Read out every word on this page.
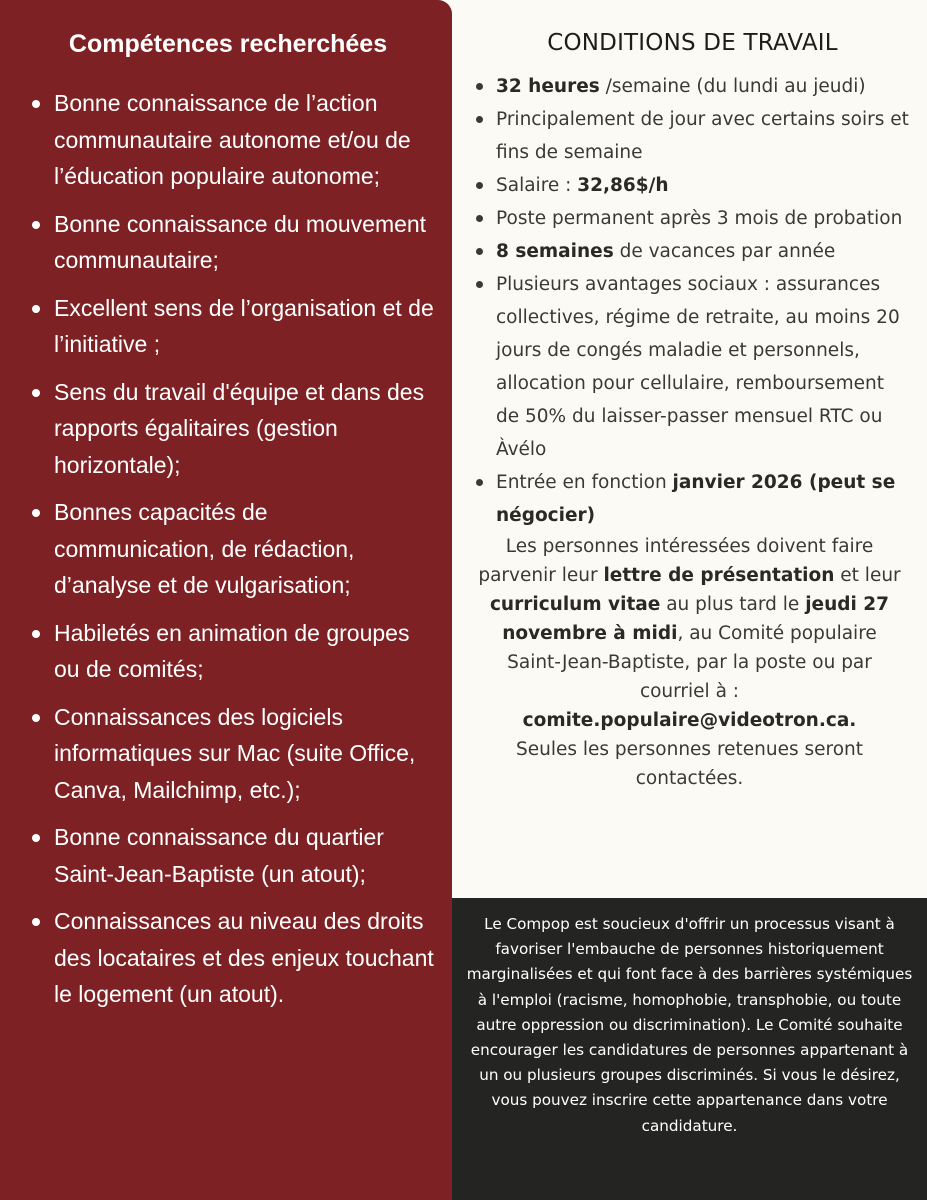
Compétences recherchées
Bonne connaissance de l’action communautaire autonome et/ou de l’éducation populaire autonome;
Bonne connaissance du mouvement communautaire;
Excellent sens de l’organisation et de l’initiative ;
Sens du travail d'équipe et dans des rapports égalitaires (gestion horizontale);
Bonnes capacités de communication, de rédaction, d’analyse et de vulgarisation;
Habiletés en animation de groupes ou de comités;
Connaissances des logiciels informatiques sur Mac (suite Office, Canva, Mailchimp, etc.);
Bonne connaissance du quartier Saint-Jean-Baptiste (un atout);
Connaissances au niveau des droits des locataires et des enjeux touchant le logement (un atout).
CONDITIONS DE TRAVAIL
32 heures /semaine (du lundi au jeudi)
Principalement de jour avec certains soirs et fins de semaine
Salaire : 32,86$/h
Poste permanent après 3 mois de probation
8 semaines de vacances par année
Plusieurs avantages sociaux : assurances collectives, régime de retraite, au moins 20 jours de congés maladie et personnels, allocation pour cellulaire, remboursement de 50% du laisser-passer mensuel RTC ou Àvélo
Entrée en fonction janvier 2026 (peut se négocier)

Les personnes intéressées doivent faire parvenir leur lettre de présentation et leur curriculum vitae au plus tard le jeudi 27 novembre à midi, au Comité populaire Saint-Jean-Baptiste, par la poste ou par courriel à :
comite.populaire@videotron.ca.
Seules les personnes retenues seront contactées.

Le Compop est soucieux d'offrir un processus visant à favoriser l'embauche de personnes historiquement marginalisées et qui font face à des barrières systémiques à l'emploi (racisme, homophobie, transphobie, ou toute autre oppression ou discrimination). Le Comité souhaite encourager les candidatures de personnes appartenant à un ou plusieurs groupes discriminés. Si vous le désirez, vous pouvez inscrire cette appartenance dans votre candidature.
